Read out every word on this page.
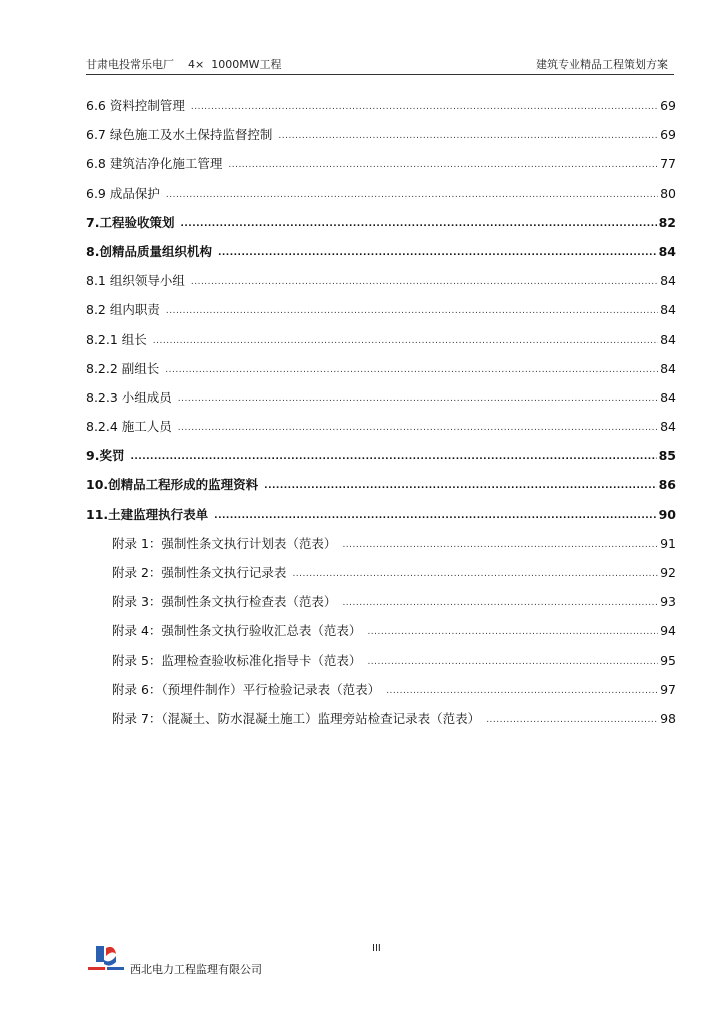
甘肃电投常乐电厂    4×  1000MW工程	建筑专业精品工程策划方案
6.6 资料控制管理 .....	69
6.7 绿色施工及水土保持监督控制 .....	69
6.8 建筑洁净化施工管理 .....	77
6.9 成品保护 .....	80
7.工程验收策划 .....	82
8.创精品质量组织机构 .....	84
8.1 组织领导小组 .....	84
8.2 组内职责 .....	84
8.2.1 组长 .....	84
8.2.2 副组长 .....	84
8.2.3 小组成员 .....	84
8.2.4 施工人员 .....	84
9.奖罚 .....	85
10.创精品工程形成的监理资料 .....	86
11.土建监理执行表单 .....	90
附录 1：强制性条文执行计划表（范表） .....	91
附录 2：强制性条文执行记录表 .....	92
附录 3：强制性条文执行检查表（范表） .....	93
附录 4：强制性条文执行验收汇总表（范表） .....	94
附录 5：监理检查验收标准化指导卡（范表） .....	95
附录 6：（预埋件制作）平行检验记录表（范表） .....	97
附录 7：（混凝土、防水混凝土施工）监理旁站检查记录表（范表） .....	98
III
西北电力工程监理有限公司
